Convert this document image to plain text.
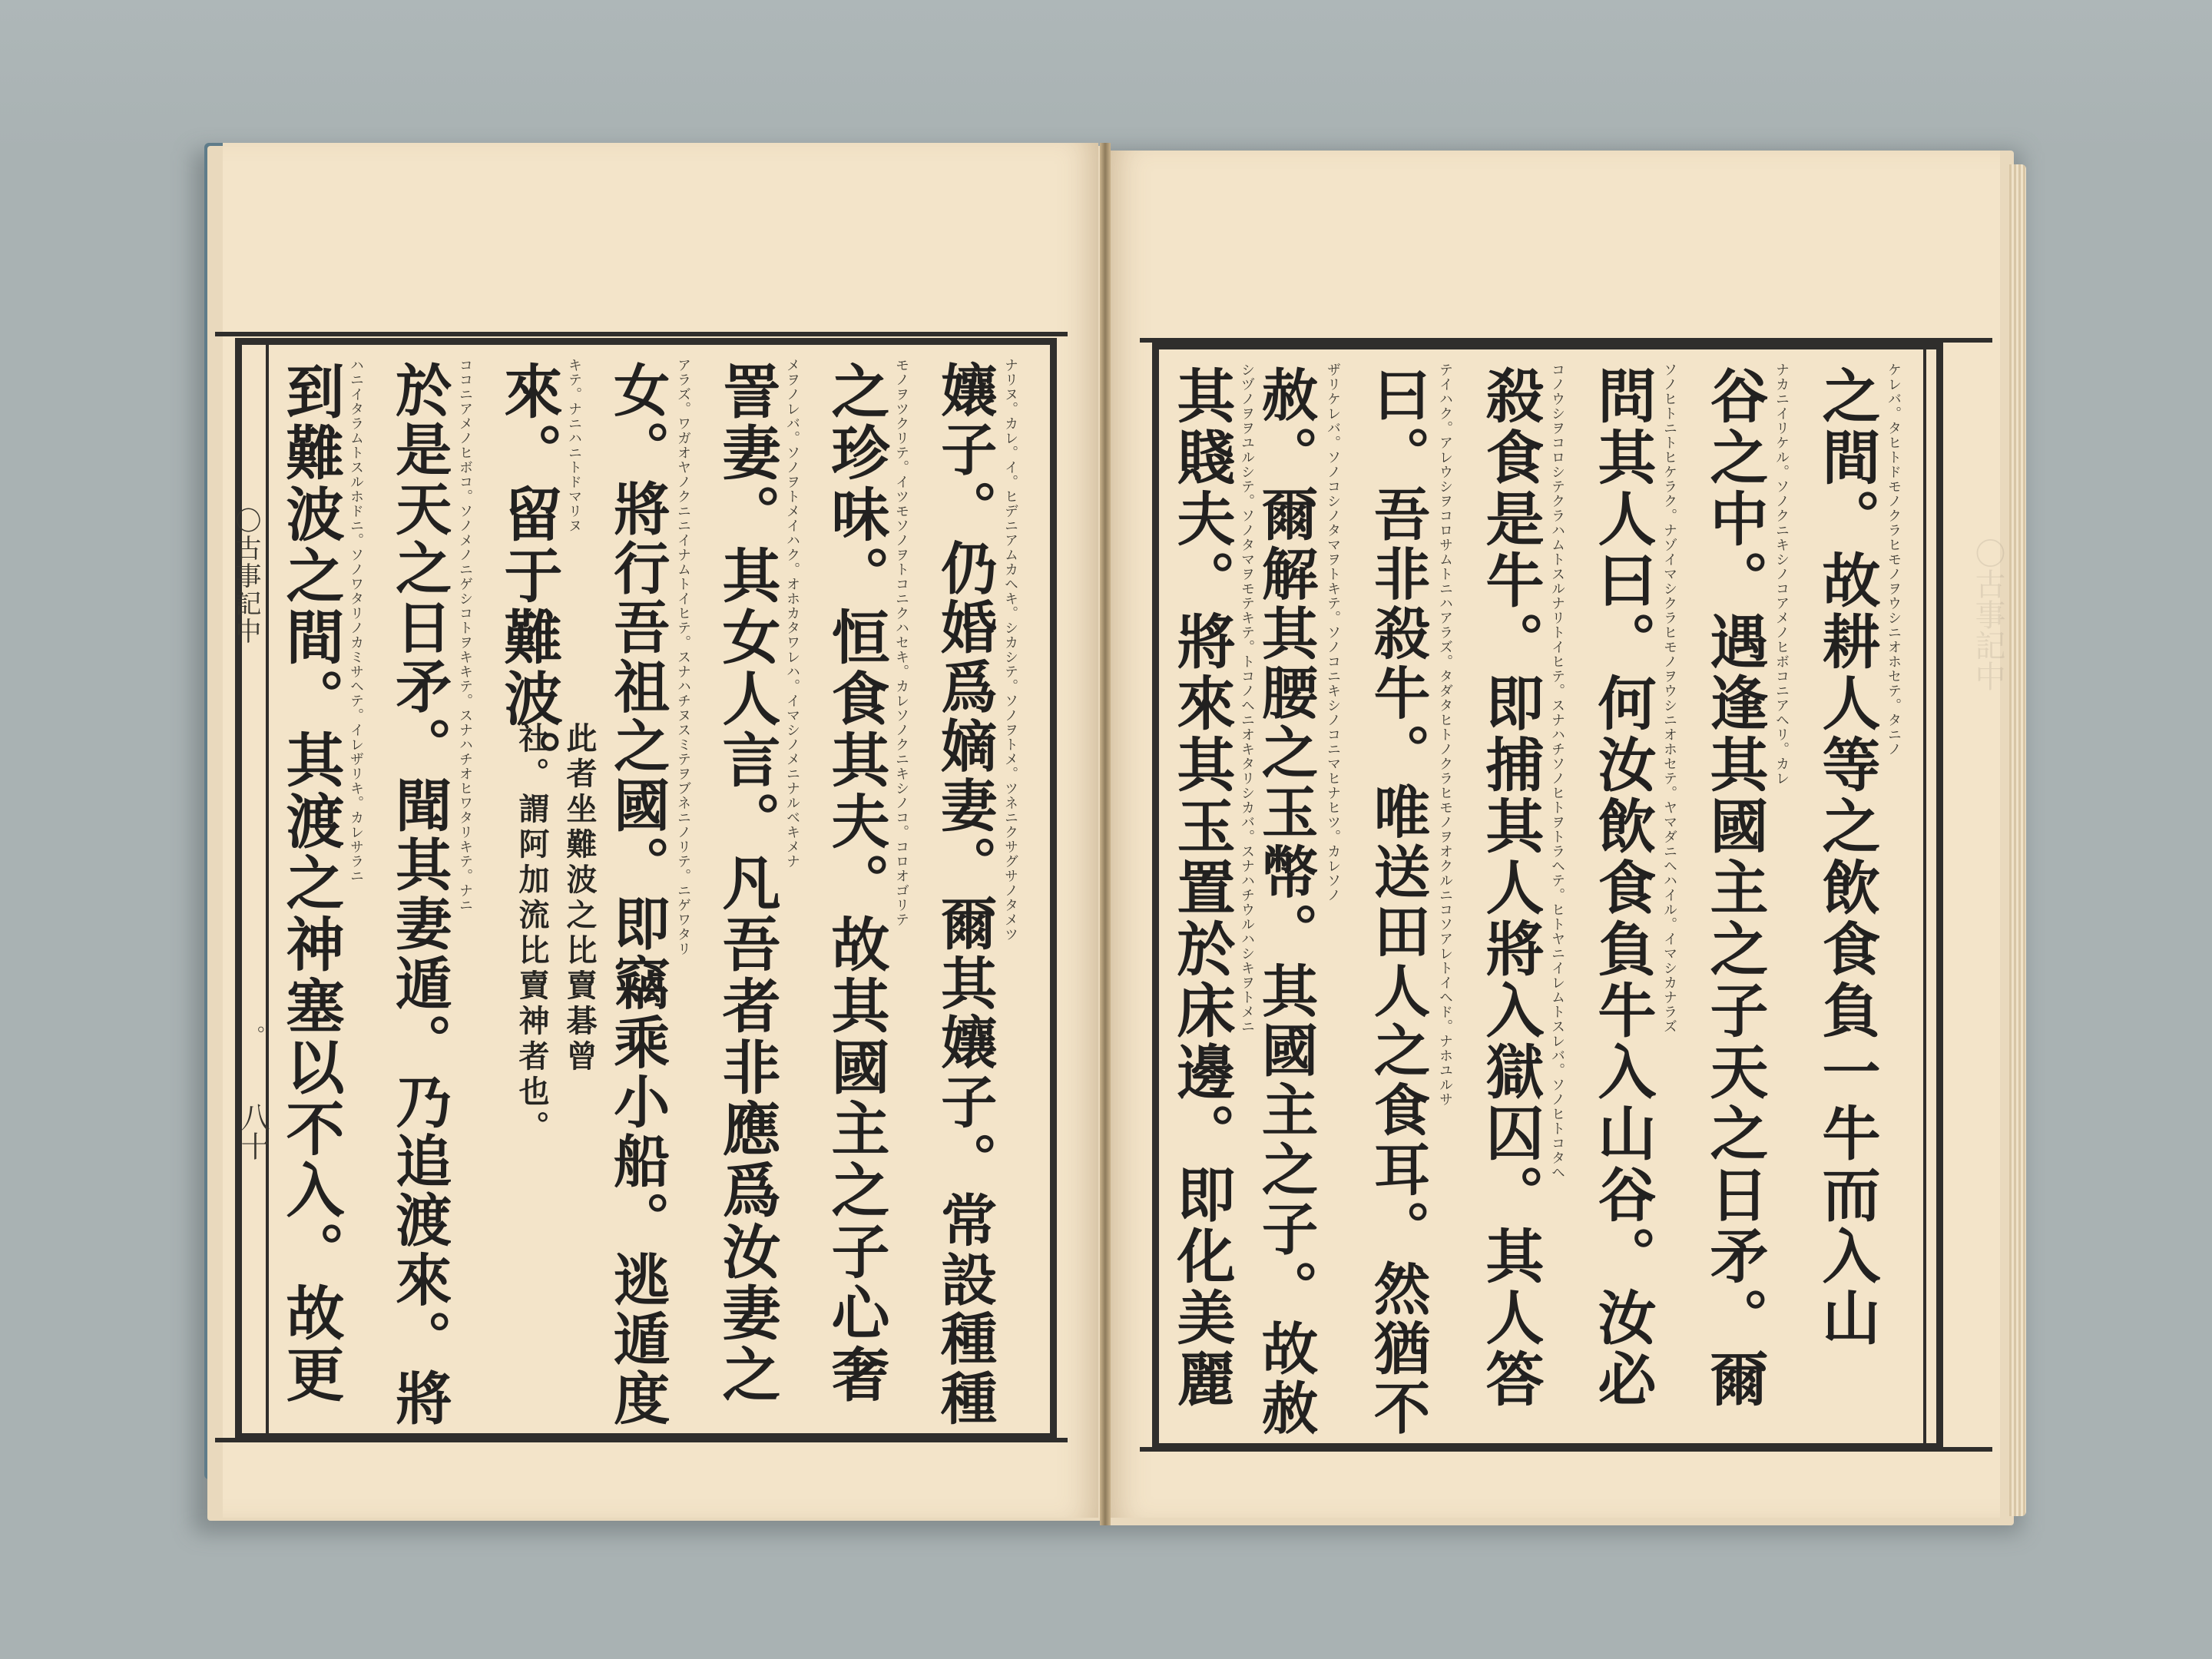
〇古事記中
〇古事記中
。
八十	孃子。仍婚爲嫡妻。爾其孃子。常設種種
之珍味。恒食其夫。故其國主之子心奢
詈妻。其女人言。凡吾者非應爲汝妻之
女。將行吾祖之國。即竊乘小船。逃遁度
來。留于難波。
此者坐難波之比賣碁曾
社。謂阿加流比賣神者也。
於是天之日矛。聞其妻遁。乃追渡來。將
到難波之間。其渡之神塞以不入。故更	ナリヌ。カレ。イ。ヒデニアムカヘキ。シカシテ。ソノヲトメ。ツネニクサグサノタメツ
モノヲツクリテ。イツモソノヲトコニクハセキ。カレソノクニキシノコ。コロオゴリテ
メヲノレバ。ソノヲトメイハク。オホカタワレハ。イマシノメニナルベキメナ
アラズ。ワガオヤノクニニイナムトイヒテ。スナハチヌスミテヲブネニノリテ。ニゲワタリ
キテ。ナニハニトドマリヌ
ココニアメノヒボコ。ソノメノニゲシコトヲキキテ。スナハチオヒワタリキテ。ナニ
ハニイタラムトスルホドニ。ソノワタリノカミサヘテ。イレザリキ。カレサラニ	之間。故耕人等之飲食負一牛而入山
谷之中。遇逢其國主之子天之日矛。爾
問其人曰。何汝飲食負牛入山谷。汝必
殺食是牛。即捕其人將入獄囚。其人答
曰。吾非殺牛。唯送田人之食耳。然猶不
赦。爾解其腰之玉幣。其國主之子。故赦
其賤夫。將來其玉置於床邊。即化美麗	ケレバ。タヒトドモノクラヒモノヲウシニオホセテ。タニノ
ナカニイリケル。ソノクニキシノコアメノヒボコニアヘリ。カレ
ソノヒトニトヒケラク。ナゾイマシクラヒモノヲウシニオホセテ。ヤマダニヘハイル。イマシカナラズ
コノウシヲコロシテクラハムトスルナリトイヒテ。スナハチソノヒトヲトラヘテ。ヒトヤニイレムトスレバ。ソノヒトコタヘ
テイハク。アレウシヲコロサムトニハアラズ。タダタヒトノクラヒモノヲオクルニコソアレトイヘド。ナホユルサ
ザリケレバ。ソノコシノタマヲトキテ。ソノコニキシノコニマヒナヒツ。カレソノ
シヅノヲヲユルシテ。ソノタマヲモテキテ。トコノヘニオキタリシカバ。スナハチウルハシキヲトメニ
